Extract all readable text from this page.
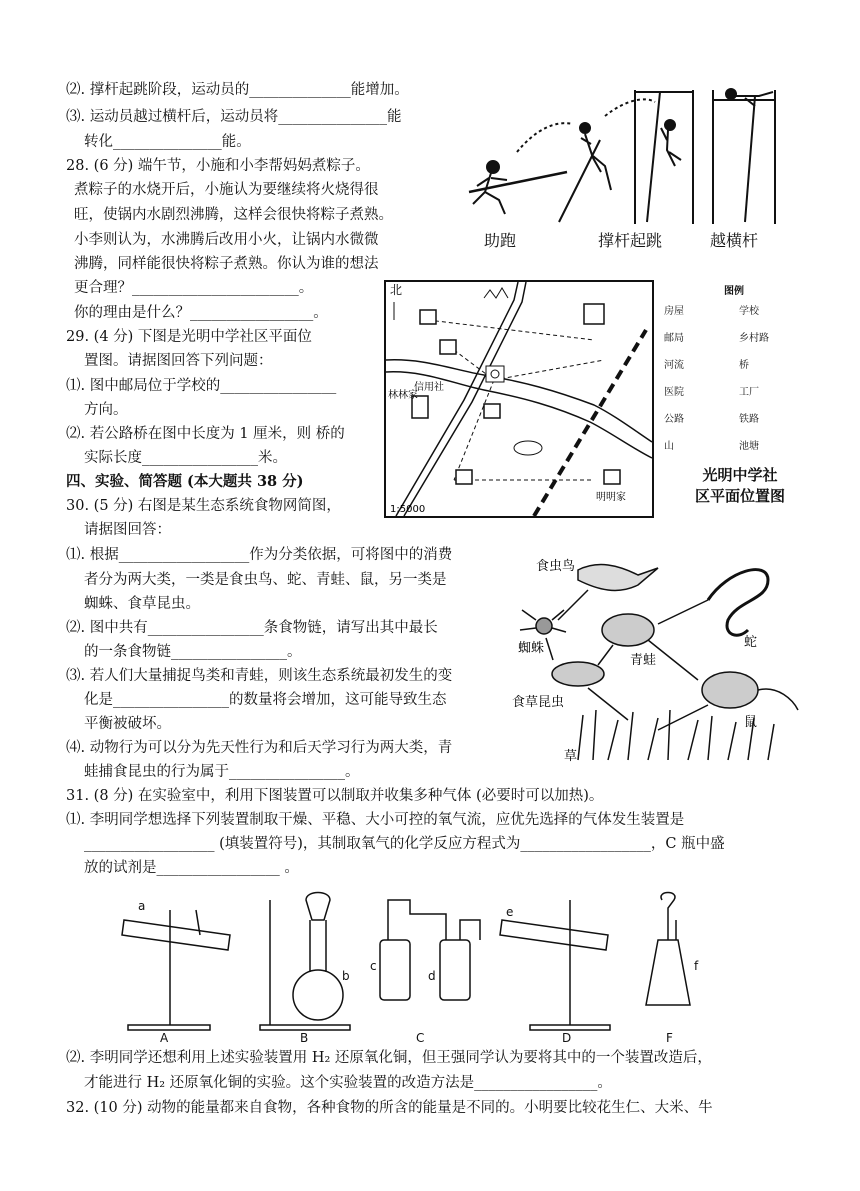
⑵. 撑杆起跳阶段，运动员的______________能增加。
⑶. 运动员越过横杆后，运动员将_______________能
转化_______________能。
28. (6 分) 端午节，小施和小李帮妈妈煮粽子。
煮粽子的水烧开后，小施认为要继续将火烧得很
旺，使锅内水剧烈沸腾，这样会很快将粽子煮熟。
小李则认为，水沸腾后改用小火，让锅内水微微
沸腾，同样能很快将粽子煮熟。你认为谁的想法
更合理？_______________________。
你的理由是什么？_________________。
29. (4 分) 下图是光明中学社区平面位
置图。请据图回答下列问题：
⑴. 图中邮局位于学校的________________
方向。
⑵. 若公路桥在图中长度为 1 厘米，则 桥的
实际长度________________米。
四、实验、简答题 (本大题共 38 分)
30. (5 分) 右图是某生态系统食物网简图，
请据图回答：
⑴. 根据__________________作为分类依据，可将图中的消费
者分为两大类，一类是食虫鸟、蛇、青蛙、鼠，另一类是
蜘蛛、食草昆虫。
⑵. 图中共有________________条食物链，请写出其中最长
的一条食物链________________。
⑶. 若人们大量捕捉鸟类和青蛙，则该生态系统最初发生的变
化是________________的数量将会增加，这可能导致生态
平衡被破坏。
⑷. 动物行为可以分为先天性行为和后天学习行为两大类，青
蛙捕食昆虫的行为属于________________。
31. (8 分) 在实验室中，利用下图装置可以制取并收集多种气体 (必要时可以加热)。
⑴. 李明同学想选择下列装置制取干燥、平稳、大小可控的氧气流，应优先选择的气体发生装置是
__________________ (填装置符号)，其制取氧气的化学反应方程式为__________________，C 瓶中盛
放的试剂是_________________ 。
⑵. 李明同学还想利用上述实验装置用 H₂ 还原氧化铜，但王强同学认为要将其中的一个装置改造后，
才能进行 H₂ 还原氧化铜的实验。这个实验装置的改造方法是_________________。
32. (10 分) 动物的能量都来自食物，各种食物的所含的能量是不同的。小明要比较花生仁、大米、牛
助跑	撑杆起跳	越横杆
北
林林家
信用社
明明家
1:5000
图例
房屋	学校
邮局	乡村路
河流	桥
医院	工厂
公路	铁路
山	池塘
光明中学社
区平面位置图
食虫鸟
蛇
蜘蛛
青蛙
食草昆虫
鼠
草
A	B	C	D	F
a
b
c
d
e
f
